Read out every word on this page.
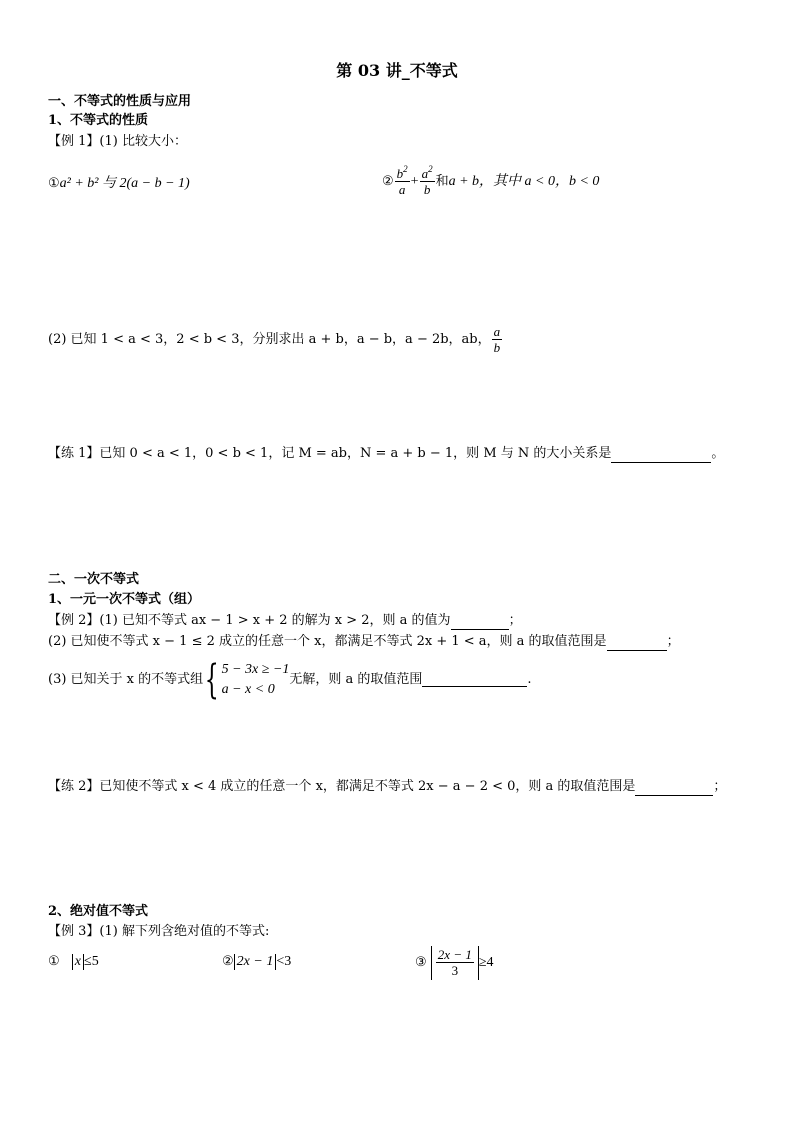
第 03 讲_不等式
一、不等式的性质与应用
1、不等式的性质
【例 1】(1) 比较大小：
①a² + b² 与 2(a − b − 1)	② $\frac{b^2}{a} + \frac{a^2}{b}$ 和a + b，其中 a < 0，b < 0
(2) 已知 1 < a < 3，2 < b < 3，分别求出 a + b，a − b，a − 2b，ab， $\frac{a}{b}$
【练 1】已知 0 < a < 1，0 < b < 1，记 M = ab，N = a + b − 1，则 M 与 N 的大小关系是	。
二、一次不等式
1、一元一次不等式（组）
【例 2】(1) 已知不等式 ax − 1 > x + 2 的解为 x > 2，则 a 的值为	；
(2) 已知使不等式 x − 1 ≤ 2 成立的任意一个 x，都满足不等式 2x + 1 < a，则 a 的取值范围是	；
(3) 已知关于 x 的不等式组 { 5 − 3x ≥ −1
a − x < 0
无解，则 a 的取值范围	.
【练 2】已知使不等式 x < 4 成立的任意一个 x，都满足不等式 2x − a − 2 < 0，则 a 的取值范围是	；
2、绝对值不等式
【例 3】(1) 解下列含绝对值的不等式:
① x ≤5	② 2x − 1 <3	③ $\frac{2x - 1}{3} \ge 4$
